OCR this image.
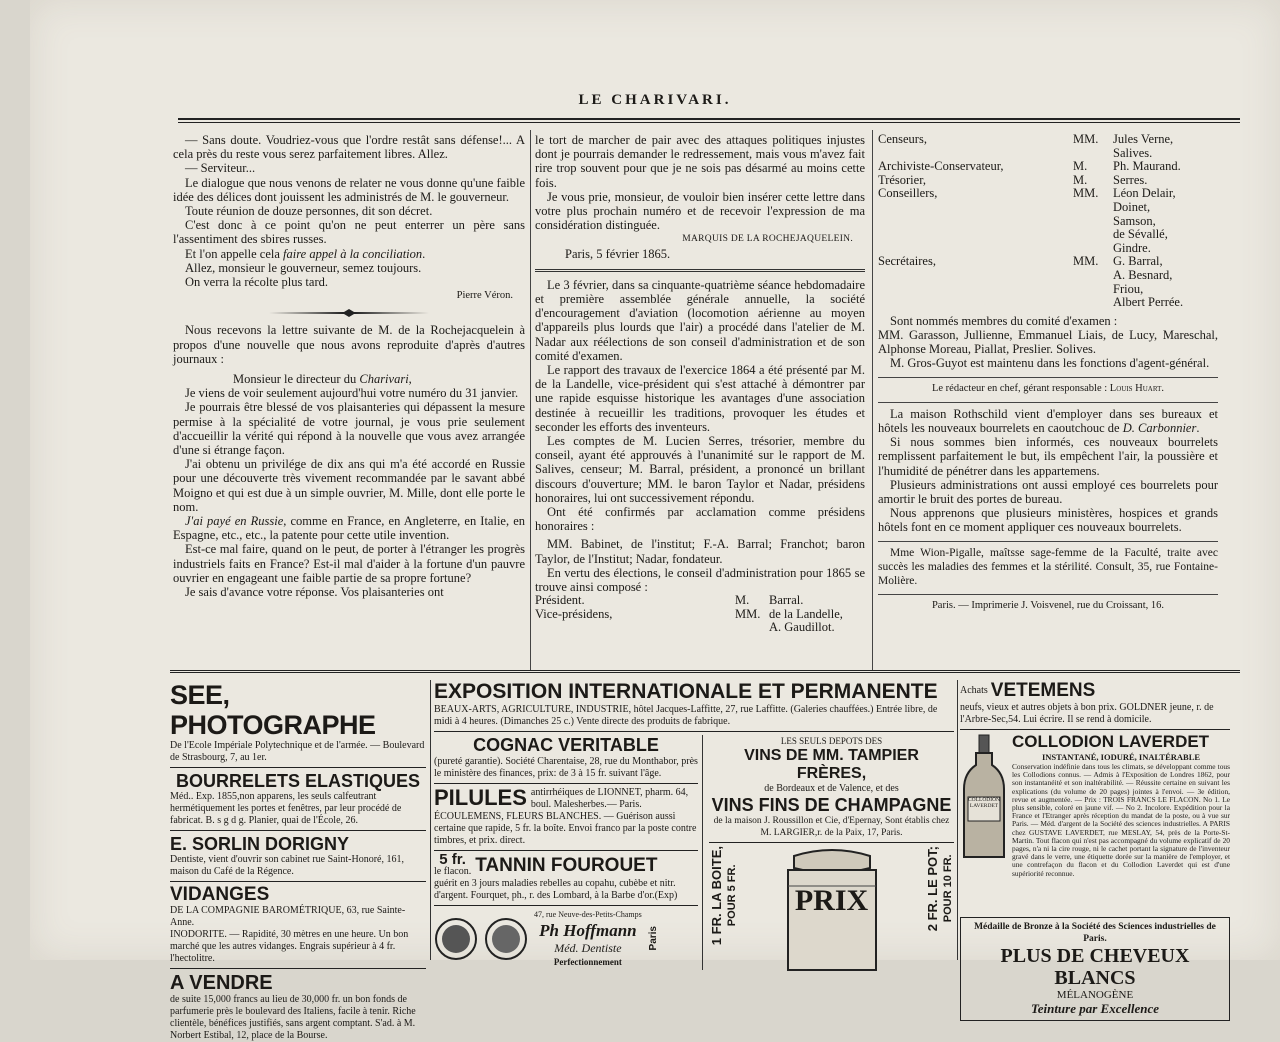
LE CHARIVARI.

— Sans doute. Voudriez-vous que l'ordre restât sans défense!... A cela près du reste vous serez parfaitement libres. Allez.

— Serviteur...

Le dialogue que nous venons de relater ne vous donne qu'une faible idée des délices dont jouissent les administrés de M. le gouverneur.

Toute réunion de douze personnes, dit son décret.

C'est donc à ce point qu'on ne peut enterrer un père sans l'assentiment des sbires russes.

Et l'on appelle cela faire appel à la conciliation.

Allez, monsieur le gouverneur, semez toujours.

On verra la récolte plus tard.

Pierre Véron.

Nous recevons la lettre suivante de M. de la Rochejacquelein à propos d'une nouvelle que nous avons reproduite d'après d'autres journaux :

Monsieur le directeur du Charivari,

Je viens de voir seulement aujourd'hui votre numéro du 31 janvier.

Je pourrais être blessé de vos plaisanteries qui dépassent la mesure permise à la spécialité de votre journal, je vous prie seulement d'accueillir la vérité qui répond à la nouvelle que vous avez arrangée d'une si étrange façon.

J'ai obtenu un privilége de dix ans qui m'a été accordé en Russie pour une découverte très vivement recommandée par le savant abbé Moigno et qui est due à un simple ouvrier, M. Mille, dont elle porte le nom.

J'ai payé en Russie, comme en France, en Angleterre, en Italie, en Espagne, etc., etc., la patente pour cette utile invention.

Est-ce mal faire, quand on le peut, de porter à l'étranger les progrès industriels faits en France? Est-il mal d'aider à la fortune d'un pauvre ouvrier en engageant une faible partie de sa propre fortune?

Je sais d'avance votre réponse. Vos plaisanteries ont

le tort de marcher de pair avec des attaques politiques injustes dont je pourrais demander le redressement, mais vous m'avez fait rire trop souvent pour que je ne sois pas désarmé au moins cette fois.

Je vous prie, monsieur, de vouloir bien insérer cette lettre dans votre plus prochain numéro et de recevoir l'expression de ma considération distinguée.

MARQUIS DE LA ROCHEJAQUELEIN.

Paris, 5 février 1865.

Le 3 février, dans sa cinquante-quatrième séance hebdomadaire et première assemblée générale annuelle, la société d'encouragement d'aviation (locomotion aérienne au moyen d'appareils plus lourds que l'air) a procédé dans l'atelier de M. Nadar aux réélections de son conseil d'administration et de son comité d'examen.

Le rapport des travaux de l'exercice 1864 a été présenté par M. de la Landelle, vice-président qui s'est attaché à démontrer par une rapide esquisse historique les avantages d'une association destinée à recueillir les traditions, provoquer les études et seconder les efforts des inventeurs.

Les comptes de M. Lucien Serres, trésorier, membre du conseil, ayant été approuvés à l'unanimité sur le rapport de M. Salives, censeur; M. Barral, président, a prononcé un brillant discours d'ouverture; MM. le baron Taylor et Nadar, présidens honoraires, lui ont successivement répondu.

Ont été confirmés par acclamation comme présidens honoraires :

MM. Babinet, de l'institut; F.-A. Barral; Franchot; baron Taylor, de l'Institut; Nadar, fondateur.

En vertu des élections, le conseil d'administration pour 1865 se trouve ainsi composé :

Président.	M.	Barral.
Vice-présidens,	MM. de la Landelle,
A. Gaudillot.
Censeurs,	MM.	Jules Verne,
Salives.
Archiviste-Conservateur,	M.	Ph. Maurand.
Trésorier,	M.	Serres.
Conseillers,	MM.	Léon Delair,
Doinet,
Samson,
de Sévallé,
Gindre.
Secrétaires,	MM.	G. Barral,
A. Besnard,
Friou,
Albert Perrée.

Sont nommés membres du comité d'examen :

MM. Garasson, Jullienne, Emmanuel Liais, de Lucy, Mareschal, Alphonse Moreau, Piallat, Preslier. Solives.

M. Gros-Guyot est maintenu dans les fonctions d'agent-général.

Le rédacteur en chef, gérant responsable : Louis Huart.

La maison Rothschild vient d'employer dans ses bureaux et hôtels les nouveaux bourrelets en caoutchouc de D. Carbonnier.

Si nous sommes bien informés, ces nouveaux bourrelets remplissent parfaitement le but, ils empêchent l'air, la poussière et l'humidité de pénétrer dans les appartemens.

Plusieurs administrations ont aussi employé ces bourrelets pour amortir le bruit des portes de bureau.

Nous apprenons que plusieurs ministères, hospices et grands hôtels font en ce moment appliquer ces nouveaux bourrelets.

Mme Wion-Pigalle, maîtsse sage-femme de la Faculté, traite avec succès les maladies des femmes et la stérilité. Consult, 35, rue Fontaine-Molière.

Paris. — Imprimerie J. Voisvenel, rue du Croissant, 16.
SEE, PHOTOGRAPHE
De l'Ecole Impériale Polytechnique et de l'armée. — Boulevard de Strasbourg, 7, au 1er.
BOURRELETS ELASTIQUES
Méd.. Exp. 1855,non apparens, les seuls calfeutrant hermétiquement les portes et fenêtres, par leur procédé de fabricat. B. s g d g. Planier, quai de l'École, 26.
E. SORLIN DORIGNY
Dentiste, vient d'ouvrir son cabinet rue Saint-Honoré, 161, maison du Café de la Régence.
VIDANGES
DE LA COMPAGNIE BAROMÉTRIQUE, 63, rue Sainte-Anne.
INODORITE. — Rapidité, 30 mètres en une heure. Un bon marché que les autres vidanges. Engrais supérieur à 4 fr. l'hectolitre.
A VENDRE
de suite 15,000 francs au lieu de 30,000 fr. un bon fonds de parfumerie près le boulevard des Italiens, facile à tenir. Riche clientèle, bénéfices justifiés, sans argent comptant. S'ad. à M. Norbert Estibal, 12, place de la Bourse.
EXPOSITION INTERNATIONALE ET PERMANENTE
BEAUX-ARTS, AGRICULTURE, INDUSTRIE, hôtel Jacques-Laffitte, 27, rue Laffitte. (Galeries chauffées.) Entrée libre, de midi à 4 heures. (Dimanches 25 c.) Vente directe des produits de fabrique.
COGNAC VERITABLE
(pureté garantie). Société Charentaise, 28, rue du Monthabor, près le ministère des finances, prix: de 3 à 15 fr. suivant l'âge.
PILULES antirrhéiques de LIONNET, pharm. 64, boul. Malesherbes.— Paris.
ÉCOULEMENS, FLEURS BLANCHES. — Guérison aussi certaine que rapide, 5 fr. la boîte. Envoi franco par la poste contre timbres, et prix. direct.
5 fr.
le flacon. TANNIN FOUROUET
guérit en 3 jours maladies rebelles au copahu, cubèbe et nitr. d'argent. Fourquet, ph., r. des Lombard, à la Barbe d'or.(Exp)
47, rue Neuve-des-Petits-Champs
Ph Hoffmann
Méd. Dentiste
Perfectionnement
Paris
LES SEULS DEPOTS DES
VINS DE MM. TAMPIER FRÈRES,
de Bordeaux et de Valence, et des
VINS FINS DE CHAMPAGNE
de la maison J. Roussillon et Cie, d'Epernay, Sont établis chez M. LARGIER,r. de la Paix, 17, Paris.
1 FR. LA BOITE, POUR 5 FR.	PRIX	2 FR. LE POT; POUR 10 FR.
Achats VETEMENS
neufs, vieux et autres objets à bon prix. GOLDNER jeune, r. de l'Arbre-Sec,54. Lui écrire. Il se rend à domicile.
COLLODION LAVERDET
COLLODION LAVERDET
INSTANTANÉ, IODURÉ, INALTÉRABLE
Conservation indéfinie dans tous les climats, se développant comme tous les Collodions connus. — Admis à l'Exposition de Londres 1862, pour son instantanéité et son inaltérabilité. — Réussite certaine en suivant les explications (du volume de 20 pages) jointes à l'envoi. — 3e édition, revue et augmentée. — Prix : TROIS FRANCS LE FLACON. No 1. Le plus sensible, coloré en jaune vif. — No 2. Incolore. Expédition pour la France et l'Etranger après réception du mandat de la poste, ou à vue sur Paris. — Méd. d'argent de la Société des sciences industrielles. A PARIS chez GUSTAVE LAVERDET, rue MESLAY, 54, près de la Porte-St-Martin. Tout flacon qui n'est pas accompagné du volume explicatif de 20 pages, n'a ni la cire rouge, ni le cachet portant la signature de l'inventeur gravé dans le verre, une étiquette dorée sur la manière de l'employer, et une contrefaçon du flacon et du Collodion Laverdet qui est d'une supériorité reconnue.
Médaille de Bronze à la Société des Sciences industrielles de Paris.
PLUS DE CHEVEUX BLANCS
MÉLANOGÈNE
Teinture par Excellence
